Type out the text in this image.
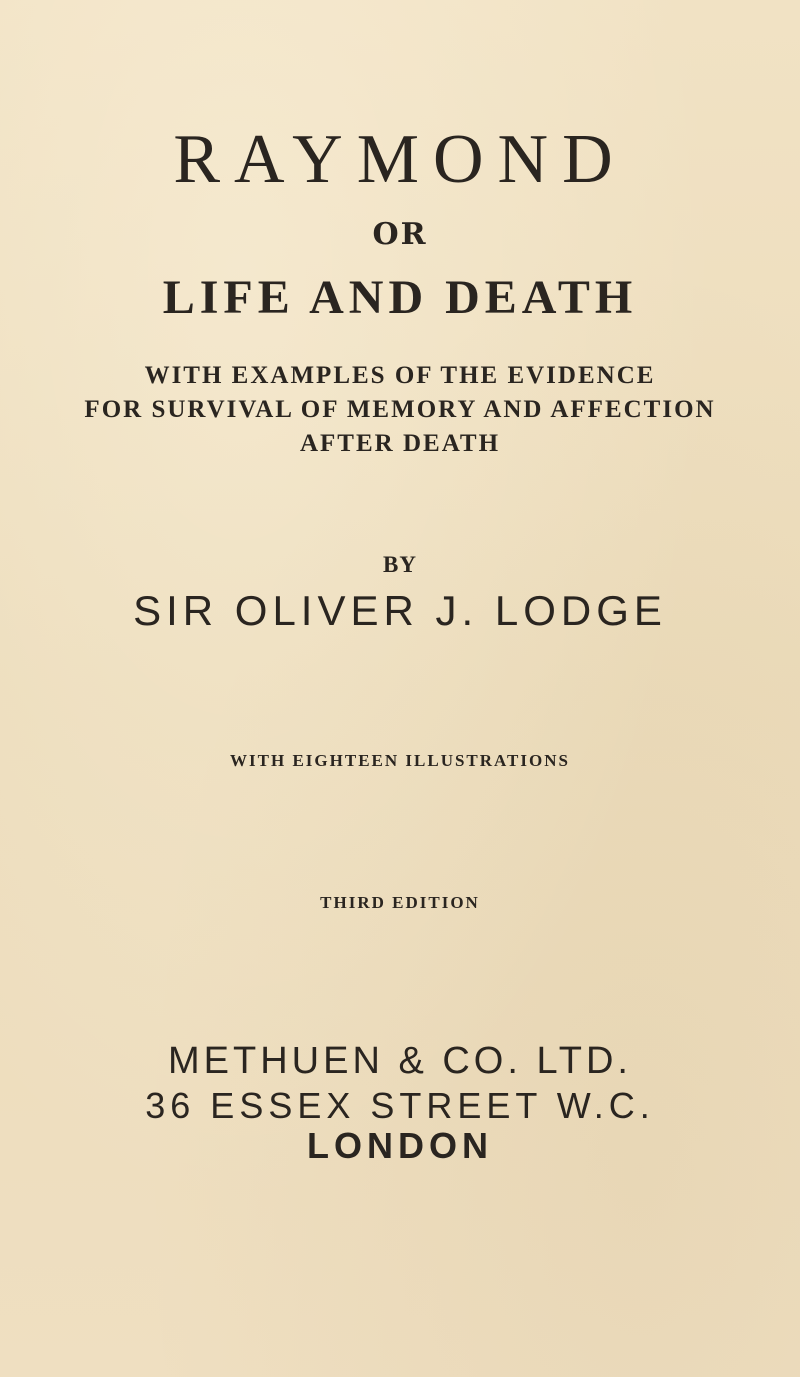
RAYMOND
OR
LIFE AND DEATH
WITH EXAMPLES OF THE EVIDENCE
FOR SURVIVAL OF MEMORY AND AFFECTION
AFTER DEATH
BY
SIR OLIVER J. LODGE
WITH EIGHTEEN ILLUSTRATIONS
THIRD EDITION
METHUEN & CO. LTD.
36 ESSEX STREET W.C.
LONDON
